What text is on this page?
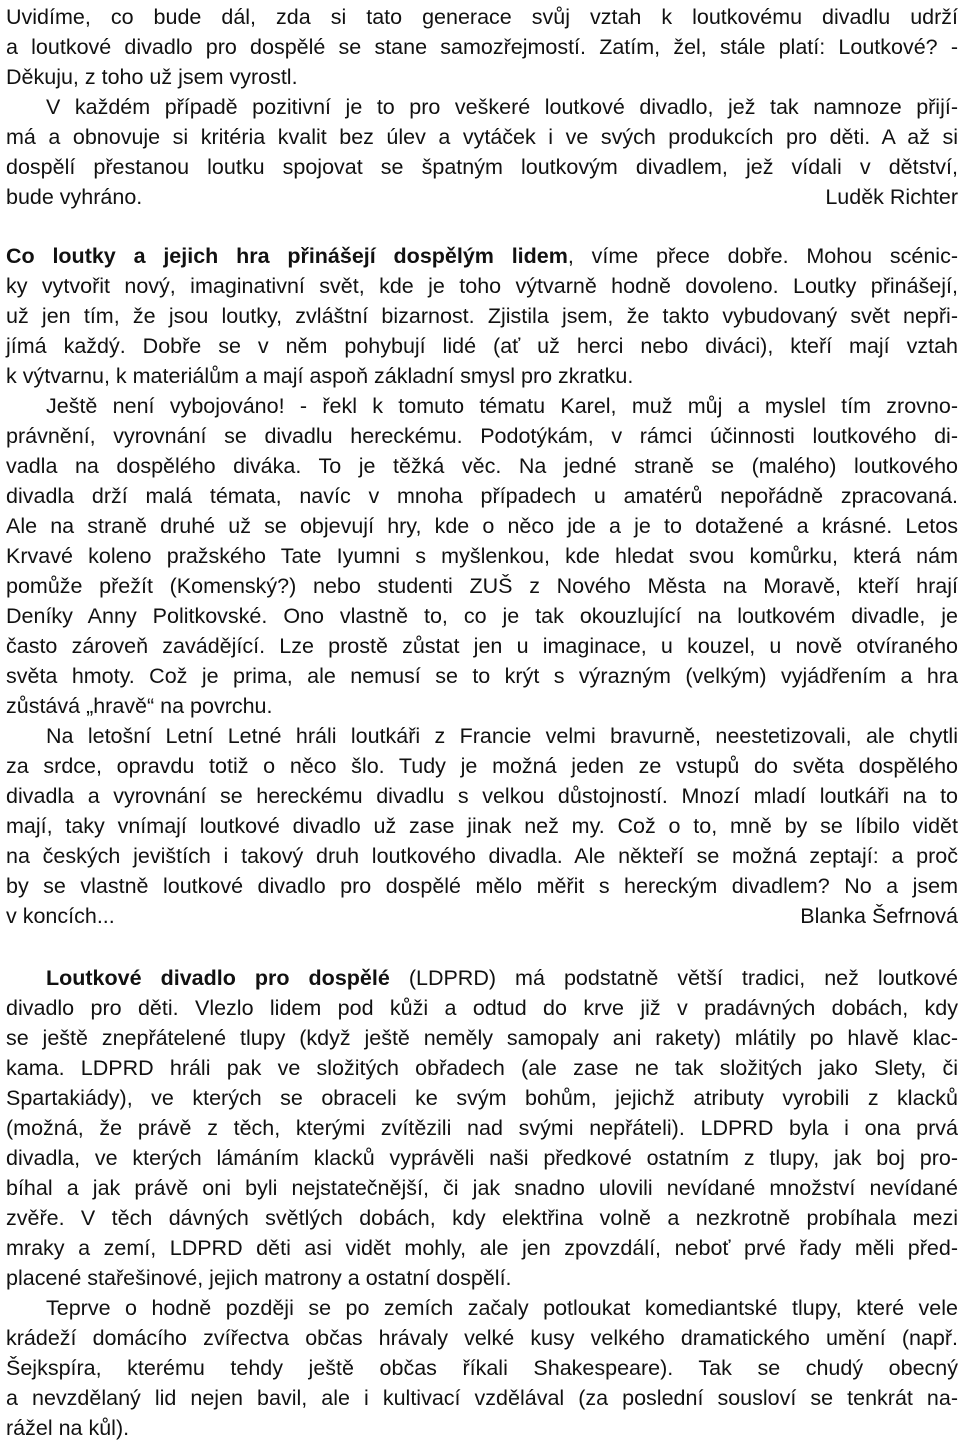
Uvidíme, co bude dál, zda si tato generace svůj vztah k loutkovému divadlu udrží
a loutkové divadlo pro dospělé se stane samozřejmostí. Zatím, žel, stále platí: Loutkové? -
Děkuju, z toho už jsem vyrostl.
V každém případě pozitivní je to pro veškeré loutkové divadlo, jež tak namnoze přijí-
má a obnovuje si kritéria kvalit bez úlev a vytáček i ve svých produkcích pro děti. A až si
dospělí přestanou loutku spojovat se špatným loutkovým divadlem, jež vídali v dětství,
bude vyhráno.	Luděk Richter
Co loutky a jejich hra přinášejí dospělým lidem, víme přece dobře. Mohou scénic-
ky vytvořit nový, imaginativní svět, kde je toho výtvarně hodně dovoleno. Loutky přinášejí,
už jen tím, že jsou loutky, zvláštní bizarnost. Zjistila jsem, že takto vybudovaný svět nepři-
jímá každý. Dobře se v něm pohybují lidé (ať už herci nebo diváci), kteří mají vztah
k výtvarnu, k materiálům a mají aspoň základní smysl pro zkratku.
Ještě není vybojováno! - řekl k tomuto tématu Karel, muž můj a myslel tím zrovno-
právnění, vyrovnání se divadlu hereckému. Podotýkám, v rámci účinnosti loutkového di-
vadla na dospělého diváka. To je těžká věc. Na jedné straně se (malého) loutkového
divadla drží malá témata, navíc v mnoha případech u amatérů nepořádně zpracovaná.
Ale na straně druhé už se objevují hry, kde o něco jde a je to dotažené a krásné. Letos
Krvavé koleno pražského Tate Iyumni s myšlenkou, kde hledat svou komůrku, která nám
pomůže přežít (Komenský?) nebo studenti ZUŠ z Nového Města na Moravě, kteří hrají
Deníky Anny Politkovské. Ono vlastně to, co je tak okouzlující na loutkovém divadle, je
často zároveň zavádějící. Lze prostě zůstat jen u imaginace, u kouzel, u nově otvíraného
světa hmoty. Což je prima, ale nemusí se to krýt s výrazným (velkým) vyjádřením a hra
zůstává „hravě“ na povrchu.
Na letošní Letní Letné hráli loutkáři z Francie velmi bravurně, neestetizovali, ale chytli
za srdce, opravdu totiž o něco šlo. Tudy je možná jeden ze vstupů do světa dospělého
divadla a vyrovnání se hereckému divadlu s velkou důstojností. Mnozí mladí loutkáři na to
mají, taky vnímají loutkové divadlo už zase jinak než my. Což o to, mně by se líbilo vidět
na českých jevištích i takový druh loutkového divadla. Ale někteří se možná zeptají: a proč
by se vlastně loutkové divadlo pro dospělé mělo měřit s hereckým divadlem? No a jsem
v koncích...	Blanka Šefrnová
Loutkové divadlo pro dospělé (LDPRD) má podstatně větší tradici, než loutkové
divadlo pro děti. Vlezlo lidem pod kůži a odtud do krve již v pradávných dobách, kdy
se ještě znepřátelené tlupy (když ještě neměly samopaly ani rakety) mlátily po hlavě klac-
kama. LDPRD hráli pak ve složitých obřadech (ale zase ne tak složitých jako Slety, či
Spartakiády), ve kterých se obraceli ke svým bohům, jejichž atributy vyrobili z klacků
(možná, že právě z těch, kterými zvítězili nad svými nepřáteli). LDPRD byla i ona prvá
divadla, ve kterých lámáním klacků vyprávěli naši předkové ostatním z tlupy, jak boj pro-
bíhal a jak právě oni byli nejstatečnější, či jak snadno ulovili nevídané množství nevídané
zvěře. V těch dávných světlých dobách, kdy elektřina volně a nezkrotně probíhala mezi
mraky a zemí, LDPRD děti asi vidět mohly, ale jen zpovzdálí, neboť prvé řady měli před-
placené stařešinové, jejich matrony a ostatní dospělí.
Teprve o hodně později se po zemích začaly potloukat komediantské tlupy, které vele
krádeží domácího zvířectva občas hrávaly velké kusy velkého dramatického umění (např.
Šejkspíra, kterému tehdy ještě občas říkali Shakespeare). Tak se chudý obecný
a nevzdělaný lid nejen bavil, ale i kultivací vzdělával (za poslední sousloví se tenkrát na-
rážel na kůl).
